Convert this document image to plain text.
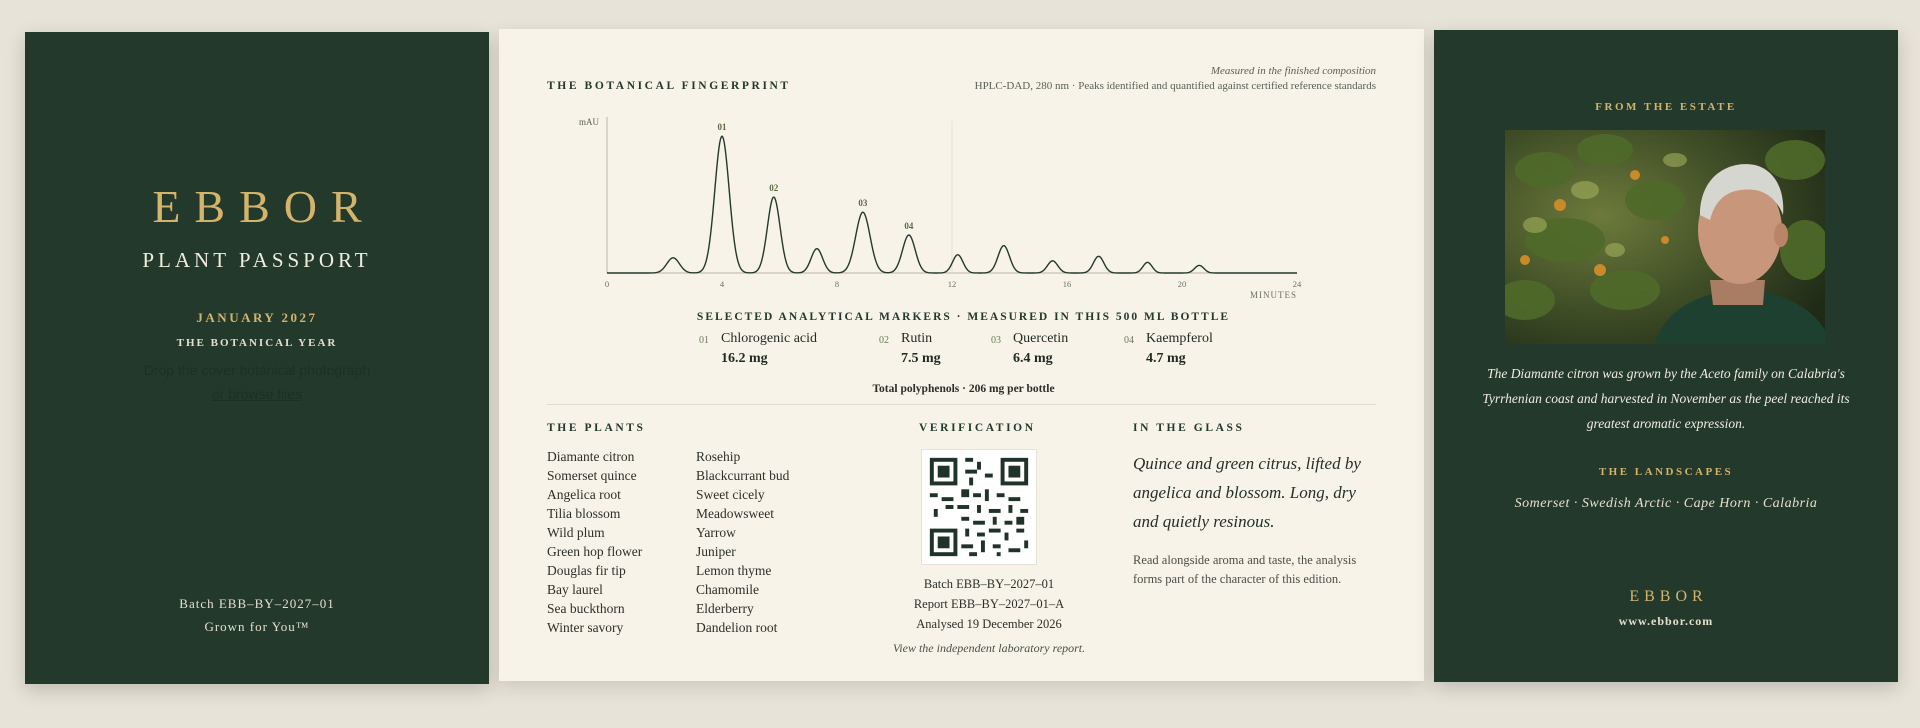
EBBOR
PLANT PASSPORT
JANUARY 2027
THE BOTANICAL YEAR
Drop the cover botanical photograph
or browse files
Batch EBB–BY–2027–01
Grown for You™
THE BOTANICAL FINGERPRINT
Measured in the finished composition
HPLC-DAD, 280 nm · Peaks identified and quantified against certified reference standards
mAU
0	4	8	12	16	20	24
MINUTES
01
02
03
04
SELECTED ANALYTICAL MARKERS · MEASURED IN THIS 500 ML BOTTLE
01 Chlorogenic acid
16.2 mg
02 Rutin
7.5 mg
03 Quercetin
6.4 mg
04 Kaempferol
4.7 mg
Total polyphenols · 206 mg per bottle
THE PLANTS
Diamante citron
Somerset quince
Angelica root
Tilia blossom
Wild plum
Green hop flower
Douglas fir tip
Bay laurel
Sea buckthorn
Winter savory
Rosehip
Blackcurrant bud
Sweet cicely
Meadowsweet
Yarrow
Juniper
Lemon thyme
Chamomile
Elderberry
Dandelion root
VERIFICATION
Batch EBB–BY–2027–01
Report EBB–BY–2027–01–A
Analysed 19 December 2026
View the independent laboratory report.
IN THE GLASS
Quince and green citrus, lifted by angelica and blossom. Long, dry and quietly resinous.
Read alongside aroma and taste, the analysis forms part of the character of this edition.
FROM THE ESTATE
The Diamante citron was grown by the Aceto family on Calabria's Tyrrhenian coast and harvested in November as the peel reached its greatest aromatic expression.
THE LANDSCAPES
Somerset · Swedish Arctic · Cape Horn · Calabria
EBBOR
www.ebbor.com
